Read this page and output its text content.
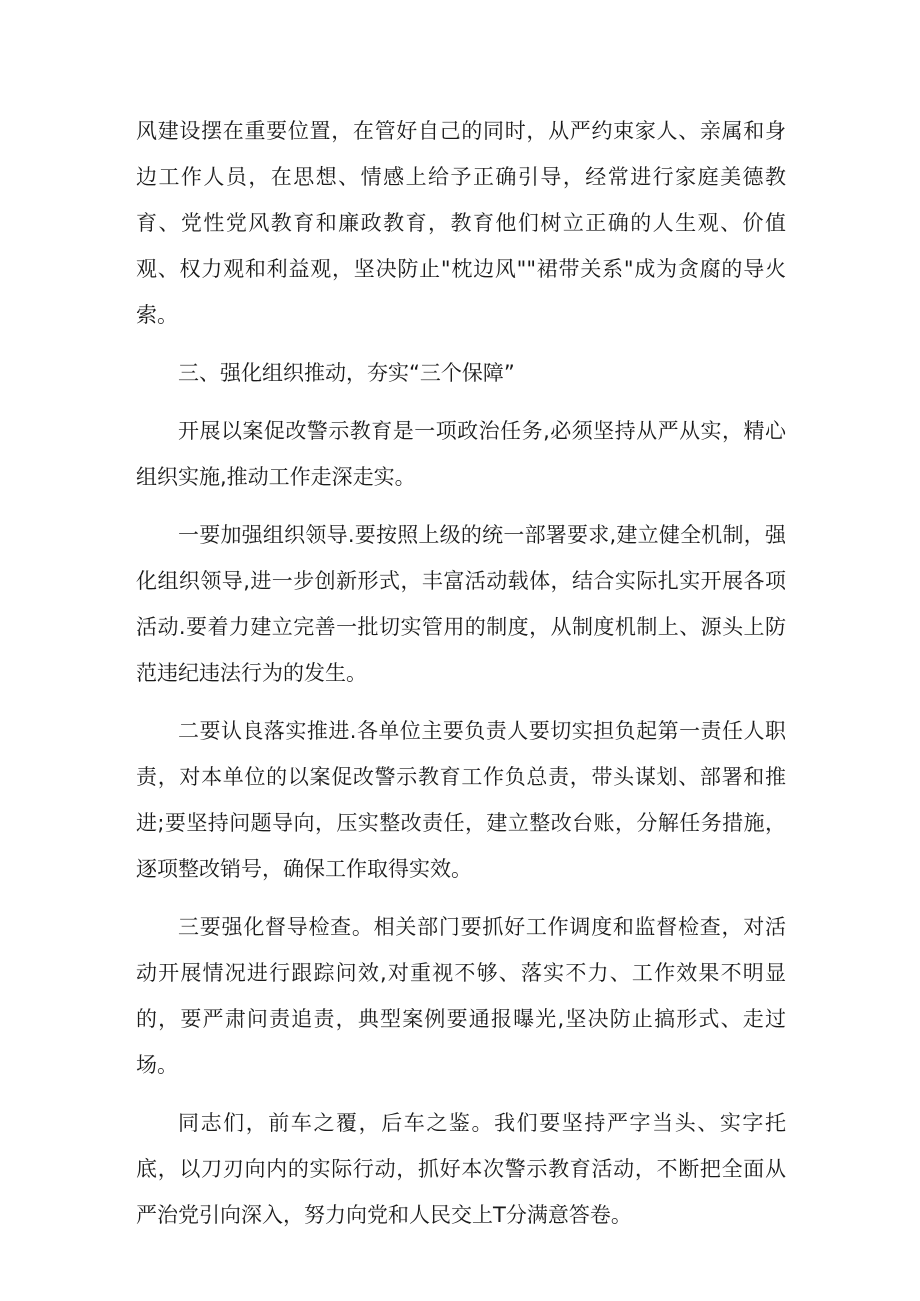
风建设摆在重要位置，在管好自己的同时，从严约束家人、亲属和身边工作人员，在思想、情感上给予正确引导，经常进行家庭美德教育、党性党风教育和廉政教育，教育他们树立正确的人生观、价值观、权力观和利益观，坚决防止"枕边风""裙带关系"成为贪腐的导火索。

三、强化组织推动，夯实“三个保障”

开展以案促改警示教育是一项政治任务,必须坚持从严从实，精心组织实施,推动工作走深走实。

一要加强组织领导.要按照上级的统一部署要求,建立健全机制，强化组织领导,进一步创新形式，丰富活动载体，结合实际扎实开展各项活动.要着力建立完善一批切实管用的制度，从制度机制上、源头上防范违纪违法行为的发生。

二要认良落实推进.各单位主要负责人要切实担负起第一责任人职责，对本单位的以案促改警示教育工作负总责，带头谋划、部署和推进;要坚持问题导向，压实整改责任，建立整改台账，分解任务措施，逐项整改销号，确保工作取得实效。

三要强化督导检查。相关部门要抓好工作调度和监督检查，对活动开展情况进行跟踪问效,对重视不够、落实不力、工作效果不明显的，要严肃问责追责，典型案例要通报曝光,坚决防止搞形式、走过场。

同志们，前车之覆，后车之鉴。我们要坚持严字当头、实字托底，以刀刃向内的实际行动，抓好本次警示教育活动，不断把全面从严治党引向深入，努力向党和人民交上T分满意答卷。
